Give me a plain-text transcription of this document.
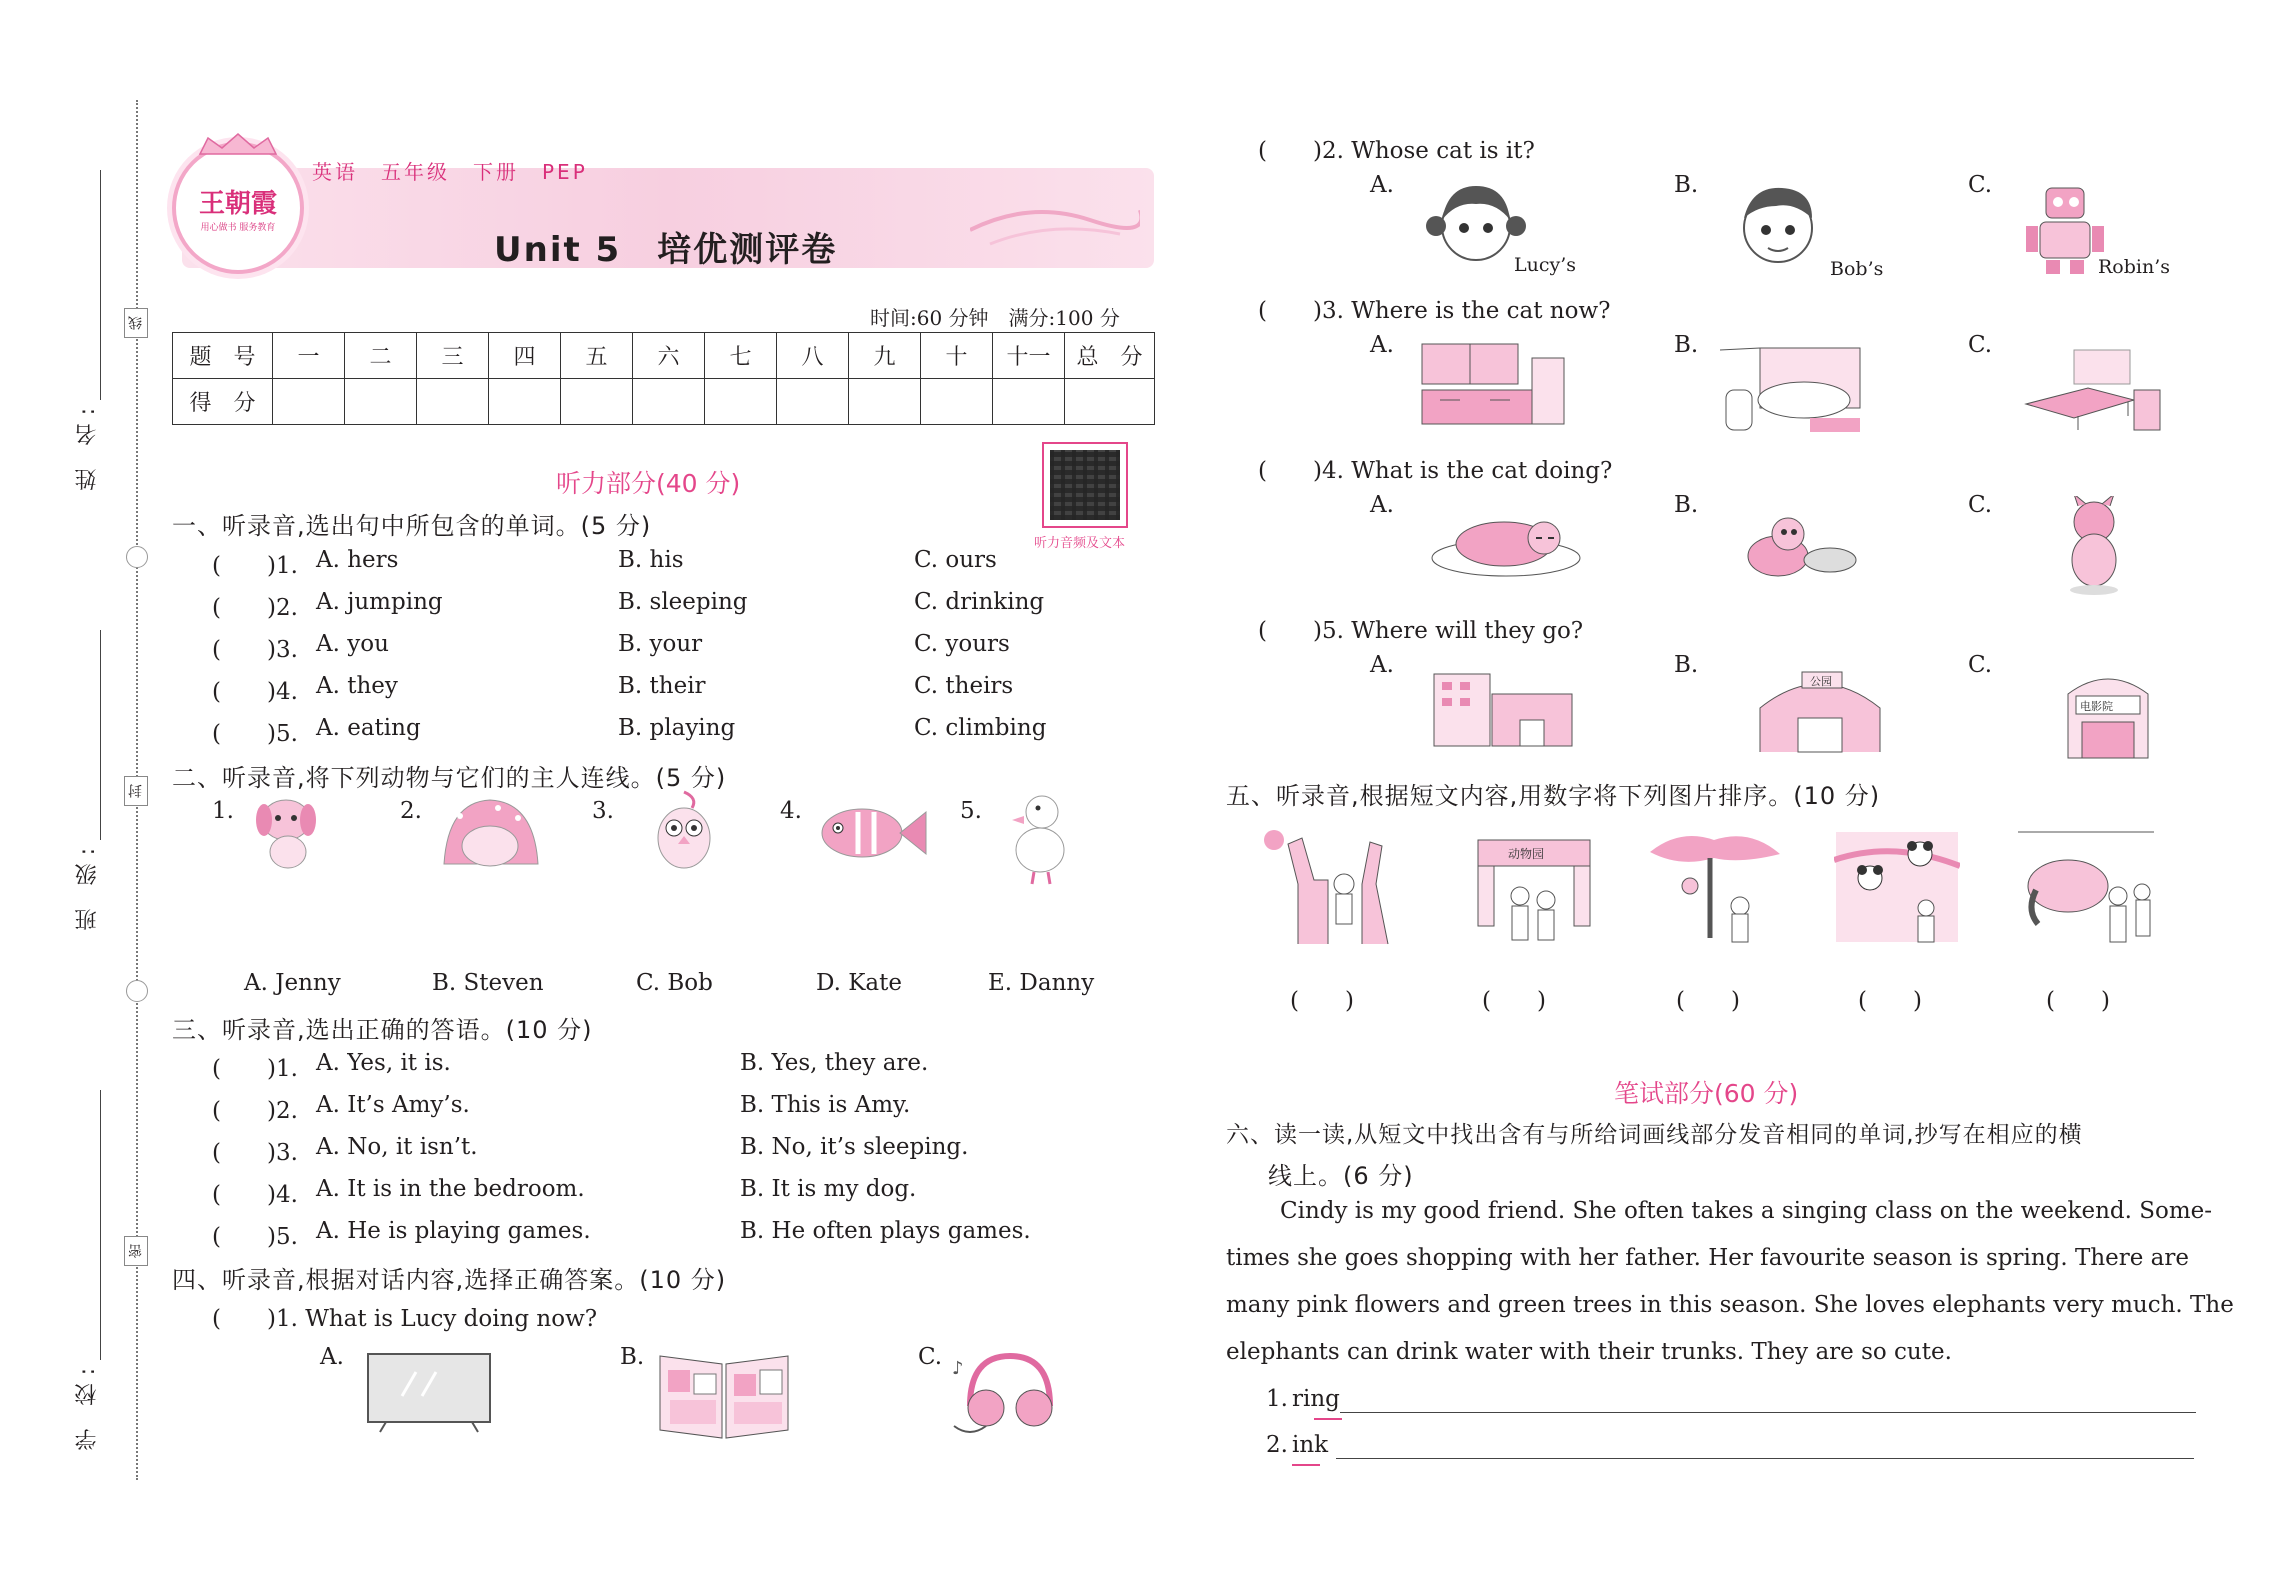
姓 名:
班 级:
学 校:
线
封
密
王朝霞
用心做书 服务教育
英语　五年级　下册　PEP
Unit 5　培优测评卷
时间:60 分钟　满分:100 分
题　号	一	二	三	四	五	六	七	八	九	十	十一	总　分
得　分												
听力音频及文本
听力部分(40 分)
一、听录音,选出句中所包含的单词。(5 分)
(　　)1. A. hers	B. his	C. ours
(　　)2. A. jumping	B. sleeping	C. drinking
(　　)3. A. you	B. your	C. yours
(　　)4. A. they	B. their	C. theirs
(　　)5. A. eating	B. playing	C. climbing
二、听录音,将下列动物与它们的主人连线。(5 分)
1.	2.	3.	4.	5.
A. Jenny	B. Steven	C. Bob	D. Kate	E. Danny
三、听录音,选出正确的答语。(10 分)
(　　)1. A. Yes, it is.	B. Yes, they are.
(　　)2. A. It’s Amy’s.	B. This is Amy.
(　　)3. A. No, it isn’t.	B. No, it’s sleeping.
(　　)4. A. It is in the bedroom.	B. It is my dog.
(　　)5. A. He is playing games.	B. He often plays games.
四、听录音,根据对话内容,选择正确答案。(10 分)
(　　)1. What is Lucy doing now?
A.	B.	C. ♪
(　　)2. Whose cat is it?
A.	B.	C.
Lucy’s	Bob’s	Robin’s
(　　)3. Where is the cat now?
A.	B.	C.
(　　)4. What is the cat doing?
A.	B.	C.
(　　)5. Where will they go?
A.	B.	C.
公园
电影院
五、听录音,根据短文内容,用数字将下列图片排序。(10 分)
动物园
(　　)	(　　)	(　　)	(　　)	(　　)
笔试部分(60 分)
六、读一读,从短文中找出含有与所给词画线部分发音相同的单词,抄写在相应的横
线上。(6 分)
Cindy is my good friend. She often takes a singing class on the weekend. Some-
times she goes shopping with her father. Her favourite season is spring. There are
many pink flowers and green trees in this season. She loves elephants very much. The
elephants can drink water with their trunks. They are so cute.
1. ring
2. ink
